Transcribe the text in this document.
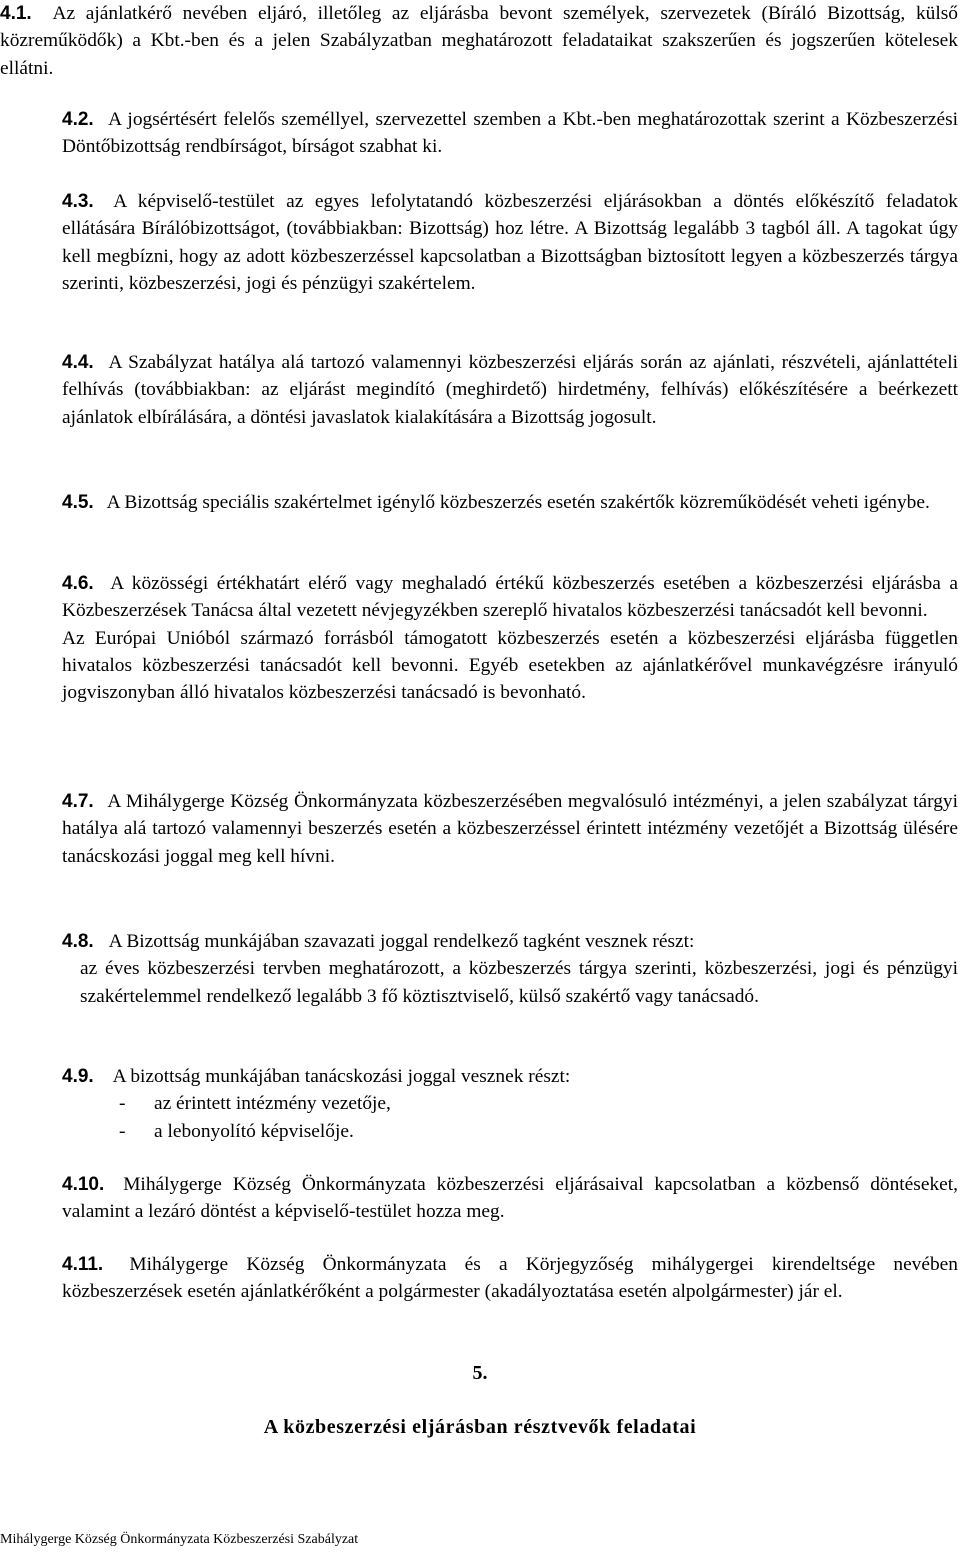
4.1. Az ajánlatkérő nevében eljáró, illetőleg az eljárásba bevont személyek, szervezetek (Bíráló Bizottság, külső közreműködők) a Kbt.-ben és a jelen Szabályzatban meghatározott feladataikat szakszerűen és jogszerűen kötelesek ellátni.
4.2. A jogsértésért felelős személlyel, szervezettel szemben a Kbt.-ben meghatározottak szerint a Közbeszerzési Döntőbizottság rendbírságot, bírságot szabhat ki.
4.3. A képviselő-testület az egyes lefolytatandó közbeszerzési eljárásokban a döntés előkészítő feladatok ellátására Bírálóbizottságot, (továbbiakban: Bizottság) hoz létre. A Bizottság legalább 3 tagból áll. A tagokat úgy kell megbízni, hogy az adott közbeszerzéssel kapcsolatban a Bizottságban biztosított legyen a közbeszerzés tárgya szerinti, közbeszerzési, jogi és pénzügyi szakértelem.
4.4. A Szabályzat hatálya alá tartozó valamennyi közbeszerzési eljárás során az ajánlati, részvételi, ajánlattételi felhívás (továbbiakban: az eljárást megindító (meghirdető) hirdetmény, felhívás) előkészítésére a beérkezett ajánlatok elbírálására, a döntési javaslatok kialakítására a Bizottság jogosult.
4.5. A Bizottság speciális szakértelmet igénylő közbeszerzés esetén szakértők közreműködését veheti igénybe.
4.6. A közösségi értékhatárt elérő vagy meghaladó értékű közbeszerzés esetében a közbeszerzési eljárásba a Közbeszerzések Tanácsa által vezetett névjegyzékben szereplő hivatalos közbeszerzési tanácsadót kell bevonni.
Az Európai Unióból származó forrásból támogatott közbeszerzés esetén a közbeszerzési eljárásba független hivatalos közbeszerzési tanácsadót kell bevonni. Egyéb esetekben az ajánlatkérővel munkavégzésre irányuló jogviszonyban álló hivatalos közbeszerzési tanácsadó is bevonható.
4.7. A Mihálygerge Község Önkormányzata közbeszerzésében megvalósuló intézményi, a jelen szabályzat tárgyi hatálya alá tartozó valamennyi beszerzés esetén a közbeszerzéssel érintett intézmény vezetőjét a Bizottság ülésére tanácskozási joggal meg kell hívni.
4.8. A Bizottság munkájában szavazati joggal rendelkező tagként vesznek részt:
az éves közbeszerzési tervben meghatározott, a közbeszerzés tárgya szerinti, közbeszerzési, jogi és pénzügyi szakértelemmel rendelkező legalább 3 fő köztisztviselő, külső szakértő vagy tanácsadó.
4.9. A bizottság munkájában tanácskozási joggal vesznek részt:
- az érintett intézmény vezetője,
- a lebonyolító képviselője.
4.10. Mihálygerge Község Önkormányzata közbeszerzési eljárásaival kapcsolatban a közbenső döntéseket, valamint a lezáró döntést a képviselő-testület hozza meg.
4.11. Mihálygerge Község Önkormányzata és a Körjegyzőség mihálygergei kirendeltsége nevében közbeszerzések esetén ajánlatkérőként a polgármester (akadályoztatása esetén alpolgármester) jár el.
5.
A közbeszerzési eljárásban résztvevők feladatai
Mihálygerge Község Önkormányzata Közbeszerzési Szabályzat
